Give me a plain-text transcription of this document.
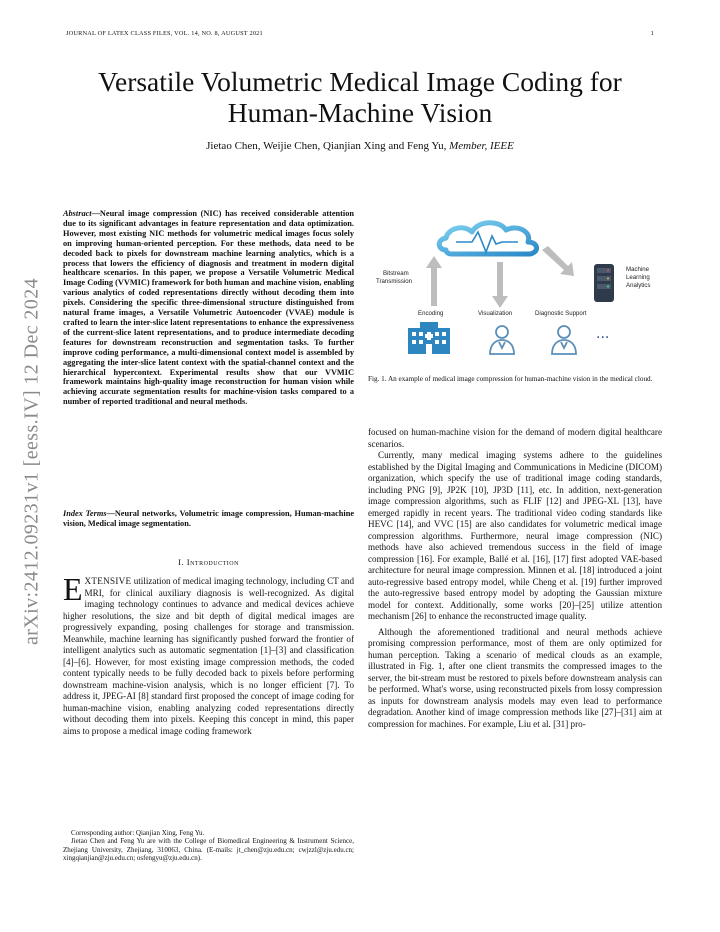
JOURNAL OF LATEX CLASS FILES, VOL. 14, NO. 8, AUGUST 2021	1
Versatile Volumetric Medical Image Coding for Human-Machine Vision
Jietao Chen, Weijie Chen, Qianjian Xing and Feng Yu, Member, IEEE
arXiv:2412.09231v1 [eess.IV] 12 Dec 2024
Abstract—Neural image compression (NIC) has received considerable attention due to its significant advantages in feature representation and data optimization. However, most existing NIC methods for volumetric medical images focus solely on improving human-oriented perception. For these methods, data need to be decoded back to pixels for downstream machine learning analytics, which is a process that lowers the efficiency of diagnosis and treatment in modern digital healthcare scenarios. In this paper, we propose a Versatile Volumetric Medical Image Coding (VVMIC) framework for both human and machine vision, enabling various analytics of coded representations directly without decoding them into pixels. Considering the specific three-dimensional structure distinguished from natural frame images, a Versatile Volumetric Autoencoder (VVAE) module is crafted to learn the inter-slice latent representations to enhance the expressiveness of the current-slice latent representations, and to produce intermediate decoding features for downstream reconstruction and segmentation tasks. To further improve coding performance, a multi-dimensional context model is assembled by aggregating the inter-slice latent context with the spatial-channel context and the hierarchical hypercontext. Experimental results show that our VVMIC framework maintains high-quality image reconstruction for human vision while achieving accurate segmentation results for machine-vision tasks compared to a number of reported traditional and neural methods.
Index Terms—Neural networks, Volumetric image compression, Human-machine vision, Medical image segmentation.
I. Introduction
EXTENSIVE utilization of medical imaging technology, including CT and MRI, for clinical auxiliary diagnosis is well-recognized. As digital imaging technology continues to advance and medical devices achieve higher resolutions, the size and bit depth of digital medical images are progressively expanding, posing challenges for storage and transmission. Meanwhile, machine learning has significantly pushed forward the frontier of intelligent analytics such as automatic segmentation [1]–[3] and classification [4]–[6]. However, for most existing image compression methods, the coded content typically needs to be fully decoded back to pixels before performing downstream machine-vision analysis, which is no longer efficient [7]. To address it, JPEG-AI [8] standard first proposed the concept of image coding for human-machine vision, enabling analyzing coded representations directly without decoding them into pixels. Keeping this concept in mind, this paper aims to propose a medical image coding framework

Corresponding author: Qianjian Xing, Feng Yu.

Jietao Chen and Feng Yu are with the College of Biomedical Engineering & Instrument Science, Zhejiang University, Zhejiang, 310063, China. (E-mails: jt_chen@zju.edu.cn; cwjzzl@zju.edu.cn; xingqianjian@zju.edu.cn; osfengyu@zju.edu.cn).

Bitstream
Transmission
Machine
Learning
Analytics
Encoding	Visualization	Diagnostic Support
···
Fig. 1. An example of medical image compression for human-machine vision in the medical cloud.

focused on human-machine vision for the demand of modern digital healthcare scenarios.

Currently, many medical imaging systems adhere to the guidelines established by the Digital Imaging and Communications in Medicine (DICOM) organization, which specify the use of traditional image coding standards, including PNG [9], JP2K [10], JP3D [11], etc. In addition, next-generation image compression algorithms, such as FLIF [12] and JPEG-XL [13], have emerged rapidly in recent years. The traditional video coding standards like HEVC [14], and VVC [15] are also candidates for volumetric medical image compression algorithms. Furthermore, neural image compression (NIC) methods have also achieved tremendous success in the field of image compression [16]. For example, Ballé et al. [16], [17] first adopted VAE-based architecture for neural image compression. Minnen et al. [18] introduced a joint auto-regressive based entropy model, while Cheng et al. [19] further improved the auto-regressive based entropy model by adopting the Gaussian mixture model for context. Additionally, some works [20]–[25] utilize attention mechanism [26] to enhance the reconstructed image quality.

Although the aforementioned traditional and neural methods achieve promising compression performance, most of them are only optimized for human perception. Taking a scenario of medical clouds as an example, illustrated in Fig. 1, after one client transmits the compressed images to the server, the bit-stream must be restored to pixels before downstream analysis can be performed. What's worse, using reconstructed pixels from lossy compression as inputs for downstream analysis models may even lead to performance degradation. Another kind of image compression methods like [27]–[31] aim at compression for machines. For example, Liu et al. [31] pro-
